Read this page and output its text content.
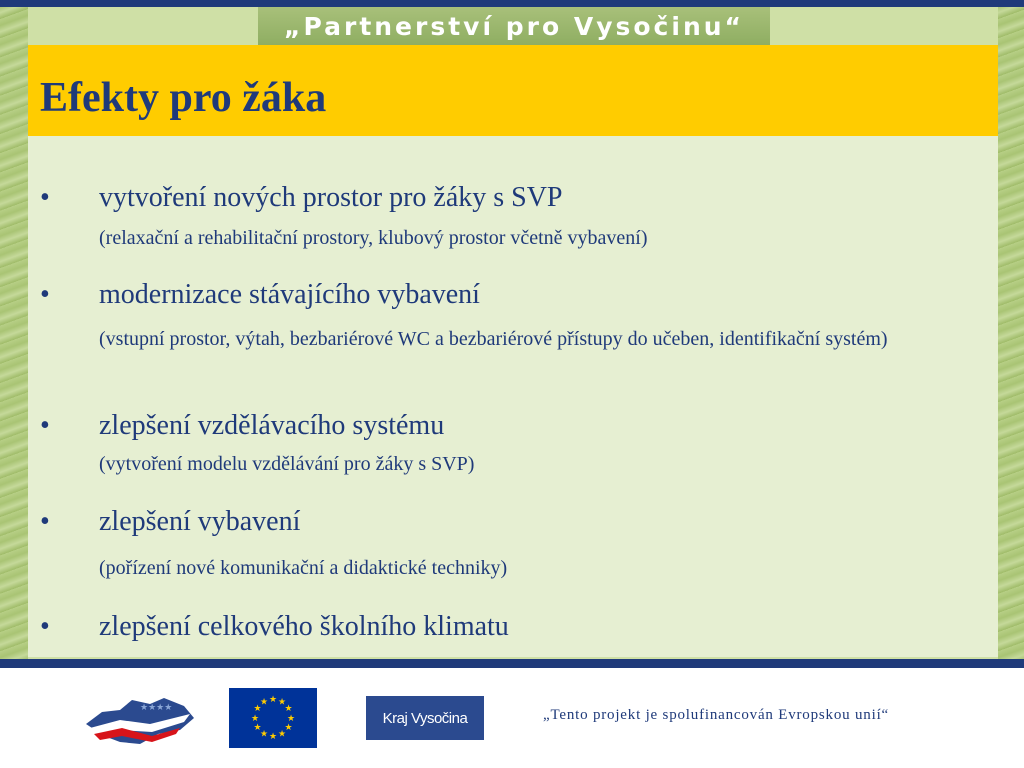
„Partnerství pro Vysočinu“
Efekty pro žáka
• vytvoření nových prostor pro žáky s SVP
(relaxační a rehabilitační prostory, klubový prostor včetně vybavení)
• modernizace stávajícího vybavení
(vstupní prostor, výtah, bezbariérové WC a bezbariérové přístupy do učeben, identifikační systém)
• zlepšení vzdělávacího systému
(vytvoření modelu vzdělávání pro žáky s SVP)
• zlepšení vybavení
(pořízení nové komunikační a didaktické techniky)
• zlepšení celkového školního klimatu
★★★★
★ ★
★
★
★
★
★
★
★
★
★
★
Kraj Vysočina	„Tento projekt je spolufinancován Evropskou unií“
